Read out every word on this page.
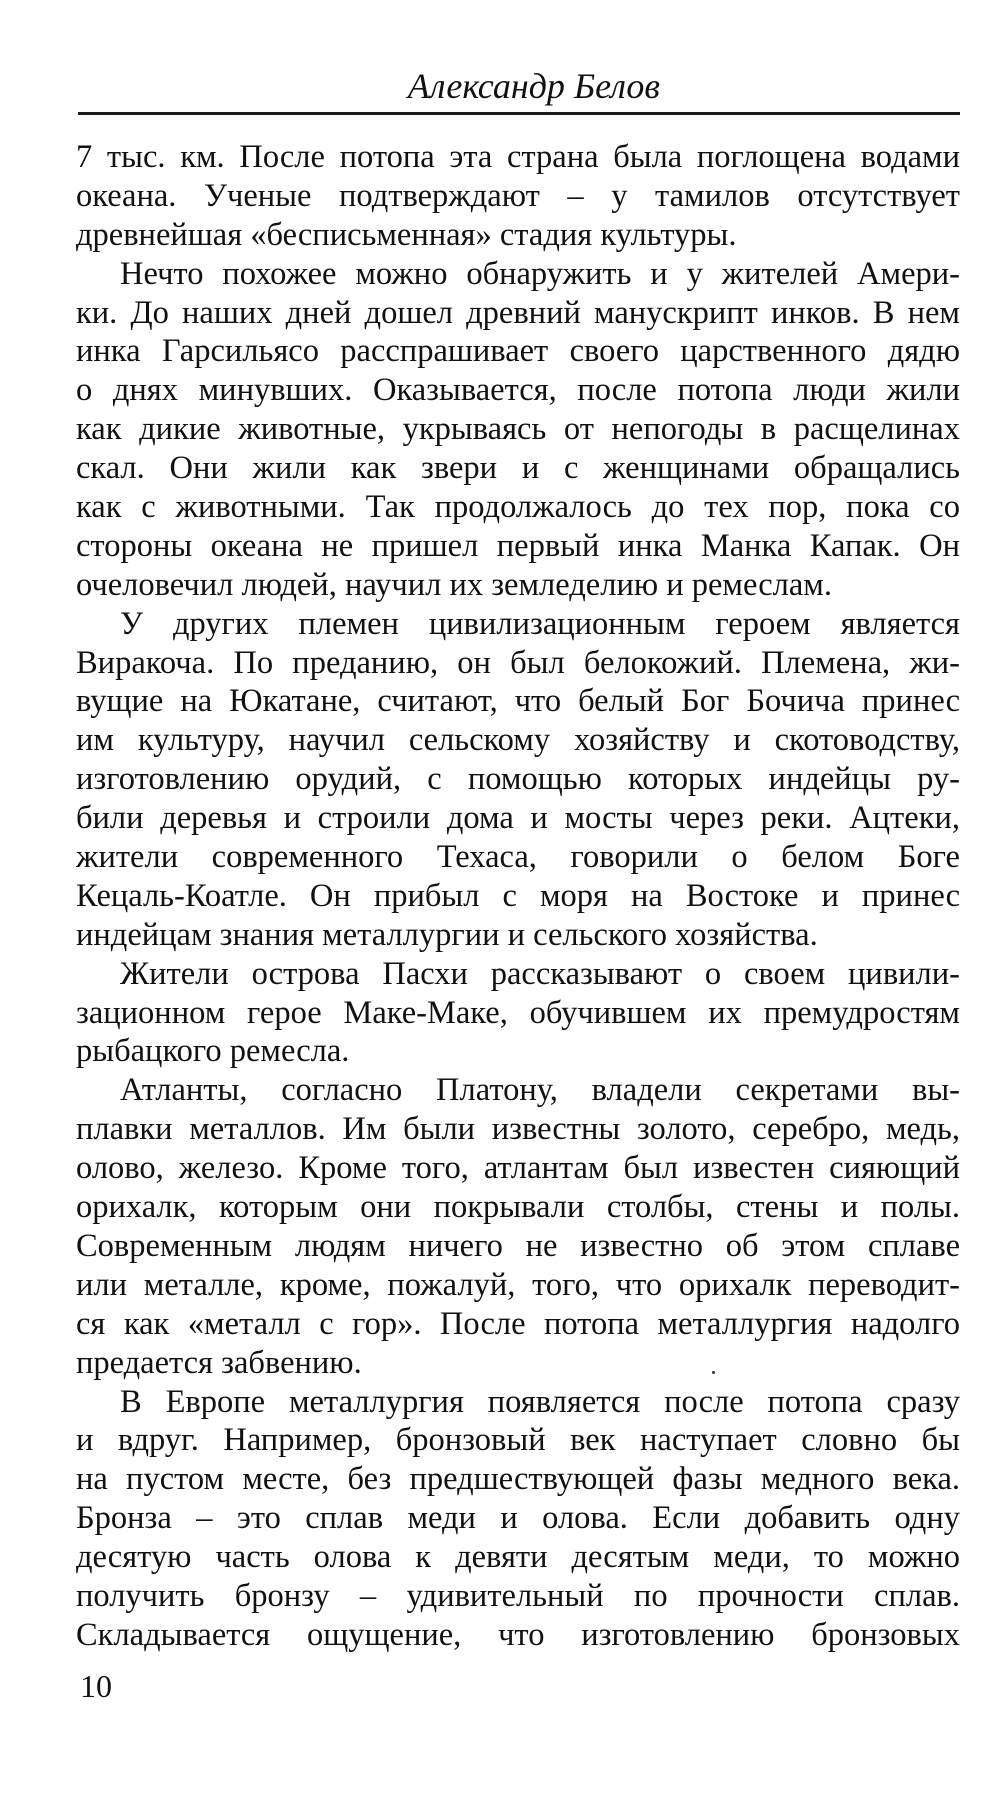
Александр Белов
7 тыс. км. После потопа эта страна была поглощена водами
океана. Ученые подтверждают – у тамилов отсутствует
древнейшая «бесписьменная» стадия культуры.
Нечто похожее можно обнаружить и у жителей Амери-
ки. До наших дней дошел древний манускрипт инков. В нем
инка Гарсильясо расспрашивает своего царственного дядю
о днях минувших. Оказывается, после потопа люди жили
как дикие животные, укрываясь от непогоды в расщелинах
скал. Они жили как звери и с женщинами обращались
как с животными. Так продолжалось до тех пор, пока со
стороны океана не пришел первый инка Манка Капак. Он
очеловечил людей, научил их земледелию и ремеслам.
У других племен цивилизационным героем является
Виракоча. По преданию, он был белокожий. Племена, жи-
вущие на Юкатане, считают, что белый Бог Бочича принес
им культуру, научил сельскому хозяйству и скотоводству,
изготовлению орудий, с помощью которых индейцы ру-
били деревья и строили дома и мосты через реки. Ацтеки,
жители современного Техаса, говорили о белом Боге
Кецаль-Коатле. Он прибыл с моря на Востоке и принес
индейцам знания металлургии и сельского хозяйства.
Жители острова Пасхи рассказывают о своем цивили-
зационном герое Маке-Маке, обучившем их премудростям
рыбацкого ремесла.
Атланты, согласно Платону, владели секретами вы-
плавки металлов. Им были известны золото, серебро, медь,
олово, железо. Кроме того, атлантам был известен сияющий
орихалк, которым они покрывали столбы, стены и полы.
Современным людям ничего не известно об этом сплаве
или металле, кроме, пожалуй, того, что орихалк переводит-
ся как «металл с гор». После потопа металлургия надолго
предается забвению.
В Европе металлургия появляется после потопа сразу
и вдруг. Например, бронзовый век наступает словно бы
на пустом месте, без предшествующей фазы медного века.
Бронза – это сплав меди и олова. Если добавить одну
десятую часть олова к девяти десятым меди, то можно
получить бронзу – удивительный по прочности сплав.
Складывается ощущение, что изготовлению бронзовых
10
